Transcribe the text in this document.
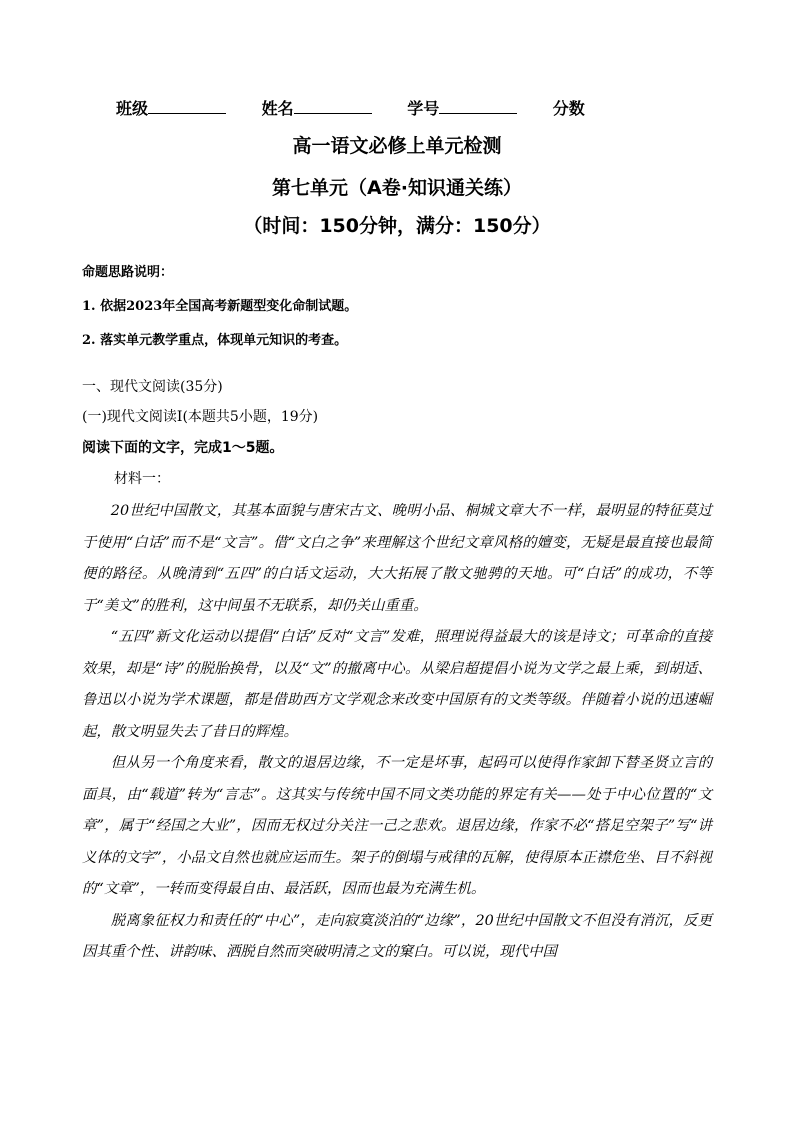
班级	姓名	学号	分数
高一语文必修上单元检测
第七单元（A卷·知识通关练）
（时间：150分钟，满分：150分）
命题思路说明：
1. 依据2023年全国高考新题型变化命制试题。
2. 落实单元教学重点，体现单元知识的考查。
一、现代文阅读(35分)
(一)现代文阅读Ⅰ(本题共5小题，19分)
阅读下面的文字，完成1～5题。
材料一：

20世纪中国散文，其基本面貌与唐宋古文、晚明小品、桐城文章大不一样，最明显的特征莫过于使用“白话”而不是“文言”。借“文白之争”来理解这个世纪文章风格的嬗变，无疑是最直接也最简便的路径。从晚清到“五四”的白话文运动，大大拓展了散文驰骋的天地。可“白话”的成功，不等于“美文”的胜利，这中间虽不无联系，却仍关山重重。

“五四”新文化运动以提倡“白话”反对“文言”发难，照理说得益最大的该是诗文；可革命的直接效果，却是“诗”的脱胎换骨，以及“文”的撤离中心。从梁启超提倡小说为文学之最上乘，到胡适、鲁迅以小说为学术课题，都是借助西方文学观念来改变中国原有的文类等级。伴随着小说的迅速崛起，散文明显失去了昔日的辉煌。

但从另一个角度来看，散文的退居边缘，不一定是坏事，起码可以使得作家卸下替圣贤立言的面具，由“载道”转为“言志”。这其实与传统中国不同文类功能的界定有关——处于中心位置的“文章”，属于“经国之大业”，因而无权过分关注一己之悲欢。退居边缘，作家不必“搭足空架子”写“讲义体的文字”，小品文自然也就应运而生。架子的倒塌与戒律的瓦解，使得原本正襟危坐、目不斜视的“文章”，一转而变得最自由、最活跃，因而也最为充满生机。

脱离象征权力和责任的“中心”，走向寂寞淡泊的“边缘”，20世纪中国散文不但没有消沉，反更因其重个性、讲韵味、洒脱自然而突破明清之文的窠白。可以说，现代中国
